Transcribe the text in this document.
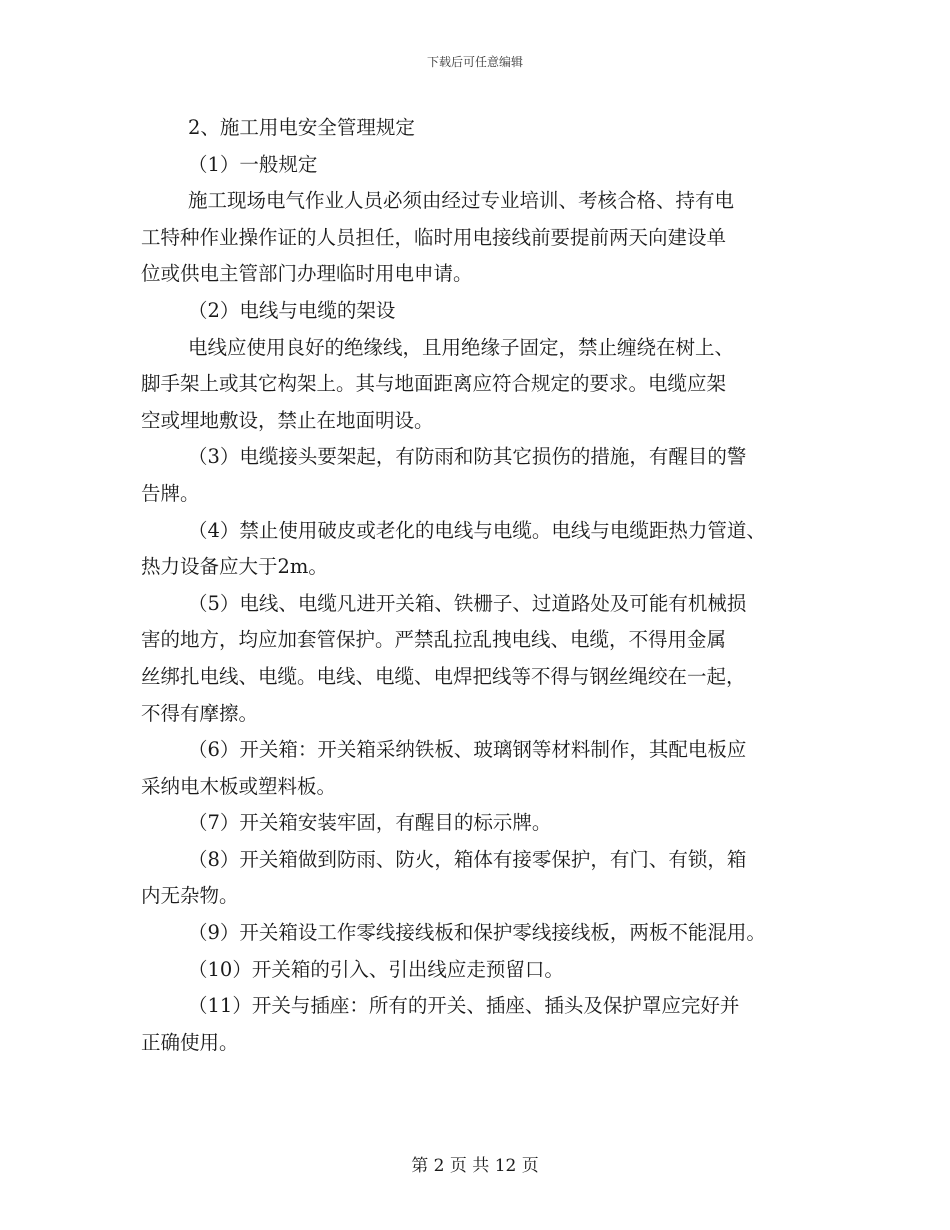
下载后可任意编辑
2、施工用电安全管理规定
（1）一般规定
施工现场电气作业人员必须由经过专业培训、考核合格、持有电
工特种作业操作证的人员担任，临时用电接线前要提前两天向建设单
位或供电主管部门办理临时用电申请。
（2）电线与电缆的架设
电线应使用良好的绝缘线，且用绝缘子固定，禁止缠绕在树上、
脚手架上或其它构架上。其与地面距离应符合规定的要求。电缆应架
空或埋地敷设，禁止在地面明设。
（3）电缆接头要架起，有防雨和防其它损伤的措施，有醒目的警
告牌。
（4）禁止使用破皮或老化的电线与电缆。电线与电缆距热力管道、
热力设备应大于2m。
（5）电线、电缆凡进开关箱、铁栅子、过道路处及可能有机械损
害的地方，均应加套管保护。严禁乱拉乱拽电线、电缆，不得用金属
丝绑扎电线、电缆。电线、电缆、电焊把线等不得与钢丝绳绞在一起，
不得有摩擦。
（6）开关箱：开关箱采纳铁板、玻璃钢等材料制作，其配电板应
采纳电木板或塑料板。
（7）开关箱安装牢固，有醒目的标示牌。
（8）开关箱做到防雨、防火，箱体有接零保护，有门、有锁，箱
内无杂物。
（9）开关箱设工作零线接线板和保护零线接线板，两板不能混用。
（10）开关箱的引入、引出线应走预留口。
（11）开关与插座：所有的开关、插座、插头及保护罩应完好并
正确使用。
第 2 页 共 12 页
